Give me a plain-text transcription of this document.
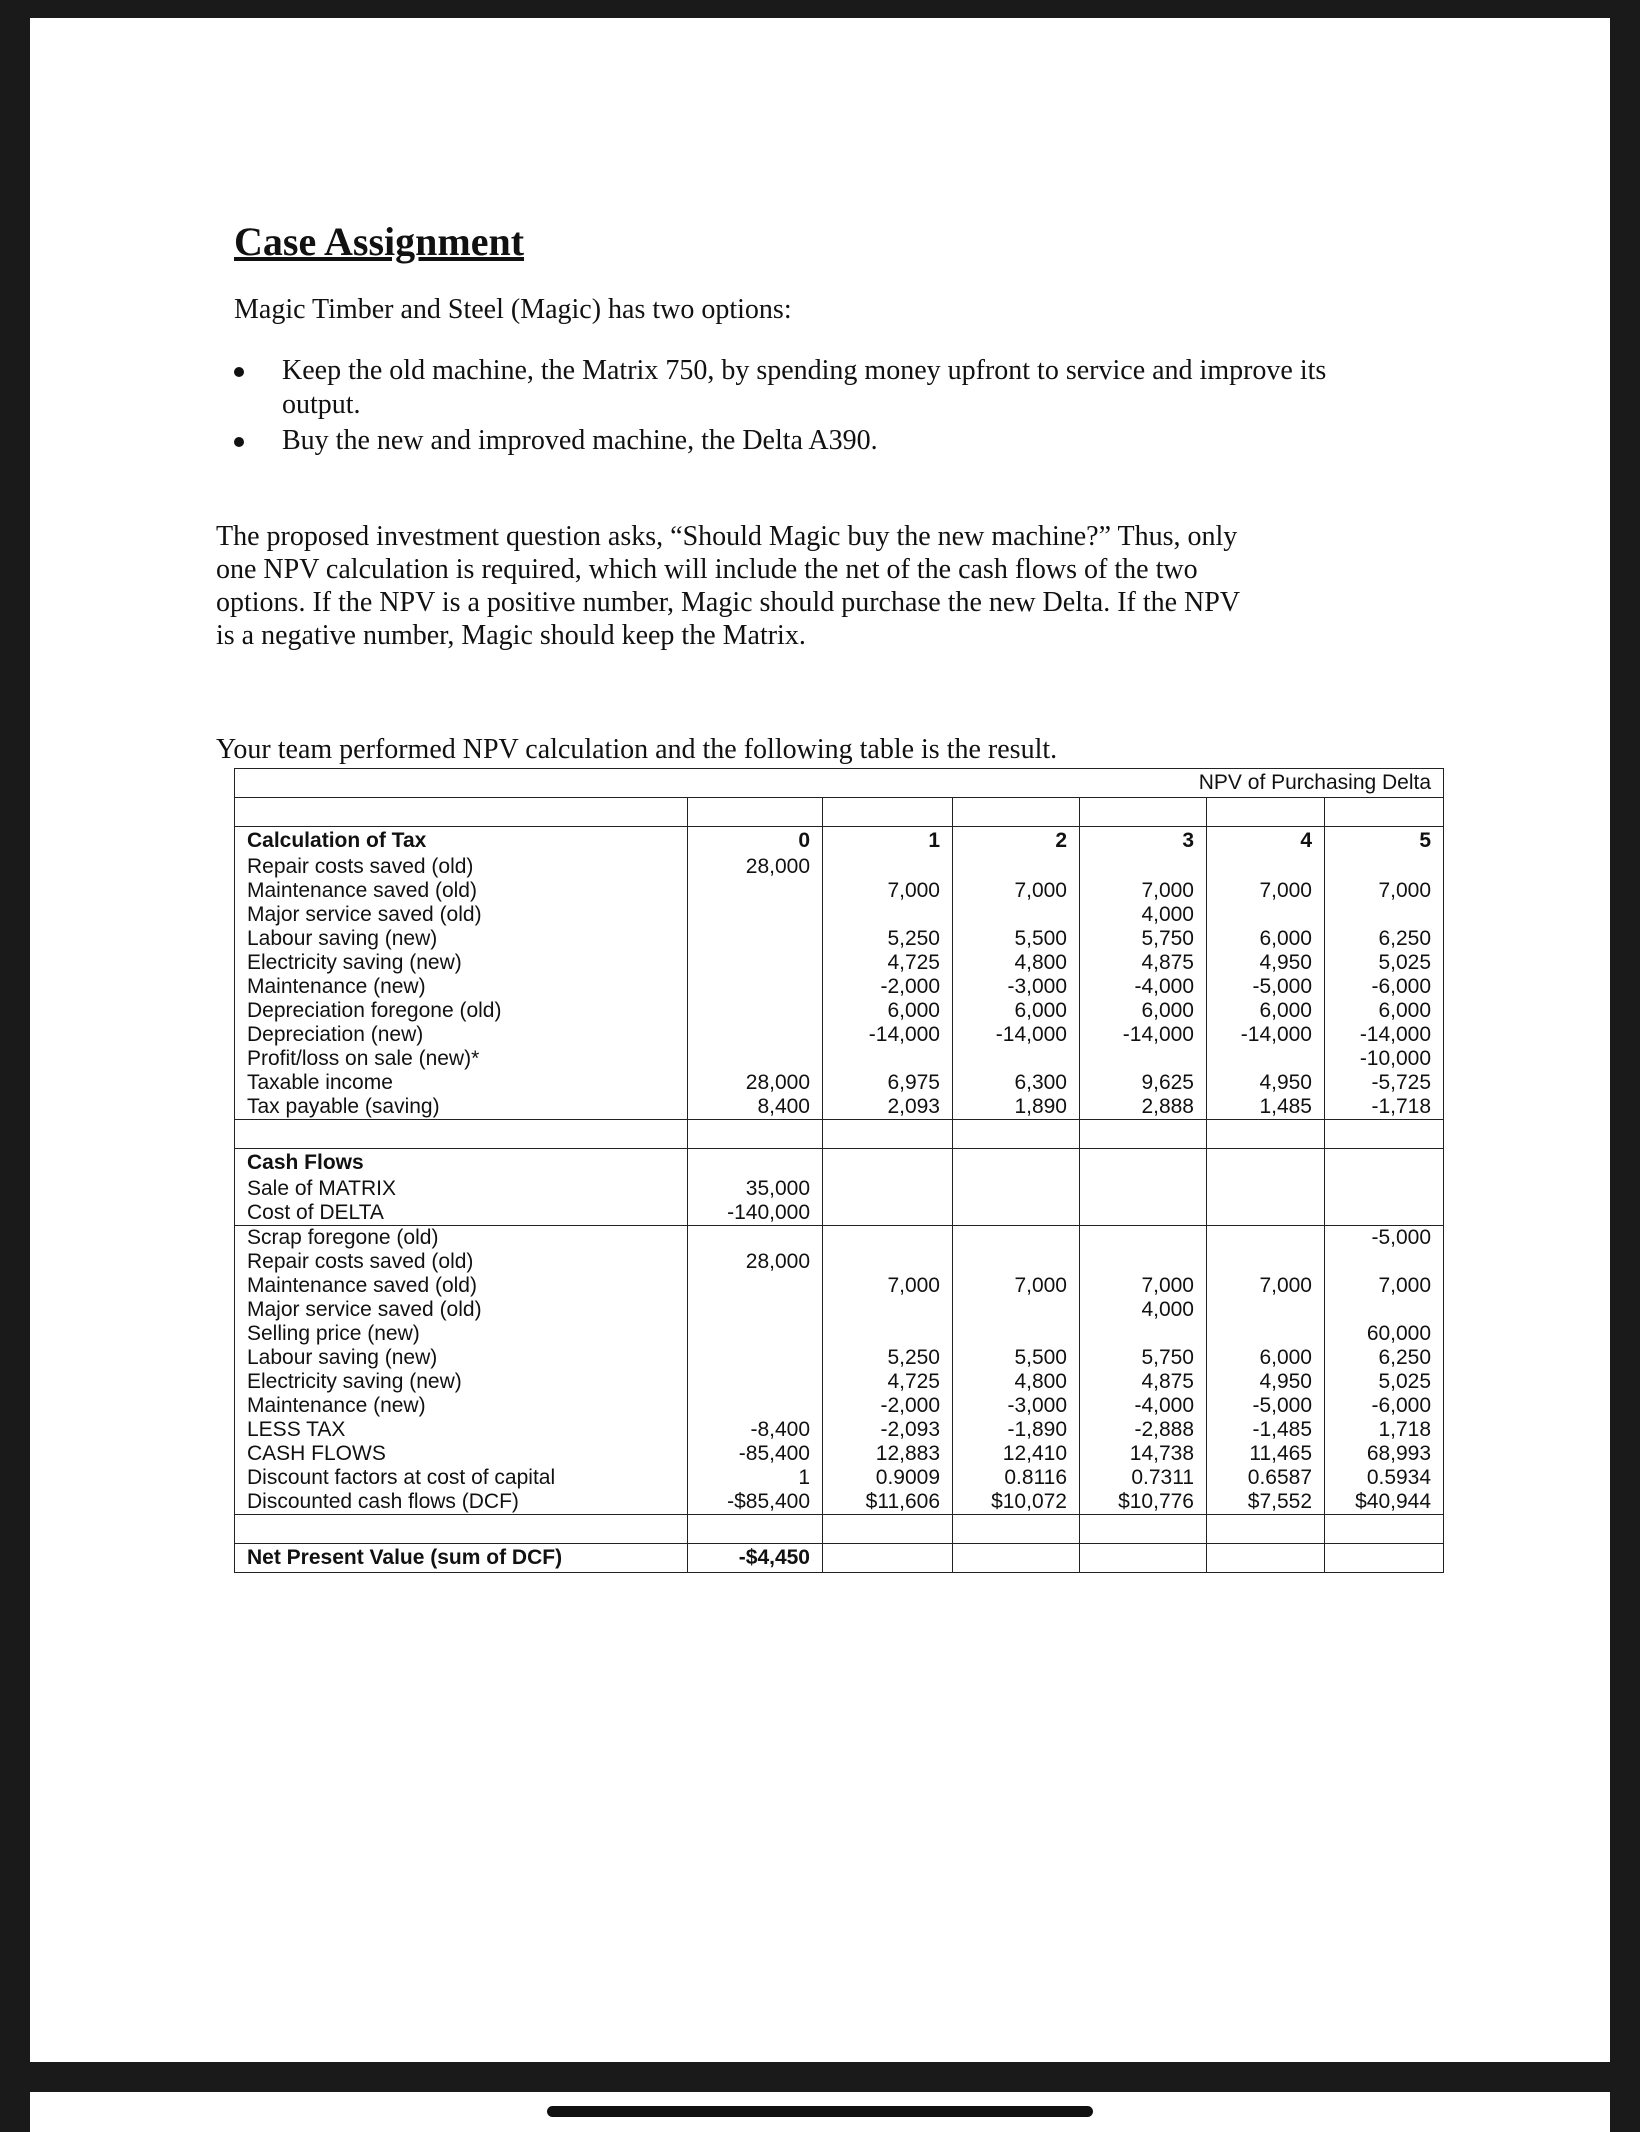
Case Assignment

Magic Timber and Steel (Magic) has two options:

Keep the old machine, the Matrix 750, by spending money upfront to service and improve its output.
Buy the new and improved machine, the Delta A390.

The proposed investment question asks, “Should Magic buy the new machine?” Thus, only one NPV calculation is required, which will include the net of the cash flows of the two options. If the NPV is a positive number, Magic should purchase the new Delta. If the NPV is a negative number, Magic should keep the Matrix.

Your team performed NPV calculation and the following table is the result.

NPV of Purchasing Delta						

Calculation of Tax	0	1	2	3	4	5
Repair costs saved (old)	28,000					
Maintenance saved (old)		7,000	7,000	7,000	7,000	7,000
Major service saved (old)				4,000		
Labour saving (new)		5,250	5,500	5,750	6,000	6,250
Electricity saving (new)		4,725	4,800	4,875	4,950	5,025
Maintenance (new)		-2,000	-3,000	-4,000	-5,000	-6,000
Depreciation foregone (old)		6,000	6,000	6,000	6,000	6,000
Depreciation (new)		-14,000	-14,000	-14,000	-14,000	-14,000
Profit/loss on sale (new)*						-10,000
Taxable income	28,000	6,975	6,300	9,625	4,950	-5,725
Tax payable (saving)	8,400	2,093	1,890	2,888	1,485	-1,718

Cash Flows						
Sale of MATRIX	35,000					
Cost of DELTA	-140,000					
Scrap foregone (old)						-5,000
Repair costs saved (old)	28,000					
Maintenance saved (old)		7,000	7,000	7,000	7,000	7,000
Major service saved (old)				4,000		
Selling price (new)						60,000
Labour saving (new)		5,250	5,500	5,750	6,000	6,250
Electricity saving (new)		4,725	4,800	4,875	4,950	5,025
Maintenance (new)		-2,000	-3,000	-4,000	-5,000	-6,000
LESS TAX	-8,400	-2,093	-1,890	-2,888	-1,485	1,718
CASH FLOWS	-85,400	12,883	12,410	14,738	11,465	68,993
Discount factors at cost of capital	1	0.9009	0.8116	0.7311	0.6587	0.5934
Discounted cash flows (DCF)	-$85,400	$11,606	$10,072	$10,776	$7,552	$40,944

Net Present Value (sum of DCF)	-$4,450					
